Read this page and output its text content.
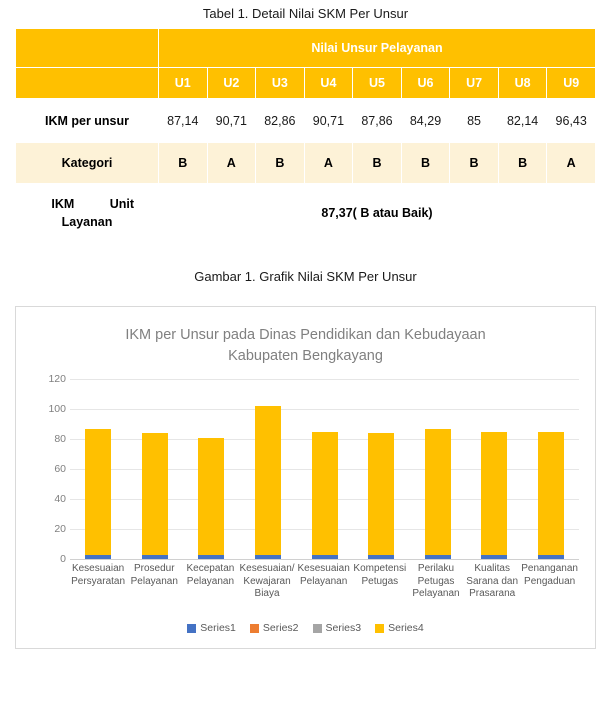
Tabel 1. Detail Nilai SKM Per Unsur
	Nilai Unsur Pelayanan								
	U1	U2	U3	U4	U5	U6	U7	U8	U9
IKM per unsur	87,14	90,71	82,86	90,71	87,86	84,29	85	82,14	96,43
Kategori	B	A	B	A	B	B	B	B	A

IKM Unit
Layanan	87,37( B atau Baik)								
Gambar 1. Grafik Nilai SKM Per Unsur
IKM per Unsur pada Dinas Pendidikan dan Kebudayaan
Kabupaten Bengkayang
0
20
40
60
80
100
120
Kesesuaian Persyaratan
Prosedur Pelayanan
Kecepatan Pelayanan
Kesesuaian/ Kewajaran Biaya
Kesesuaian Pelayanan
Kompetensi Petugas
Perilaku Petugas Pelayanan
Kualitas Sarana dan Prasarana
Penanganan Pengaduan
Series1	Series2	Series3	Series4
